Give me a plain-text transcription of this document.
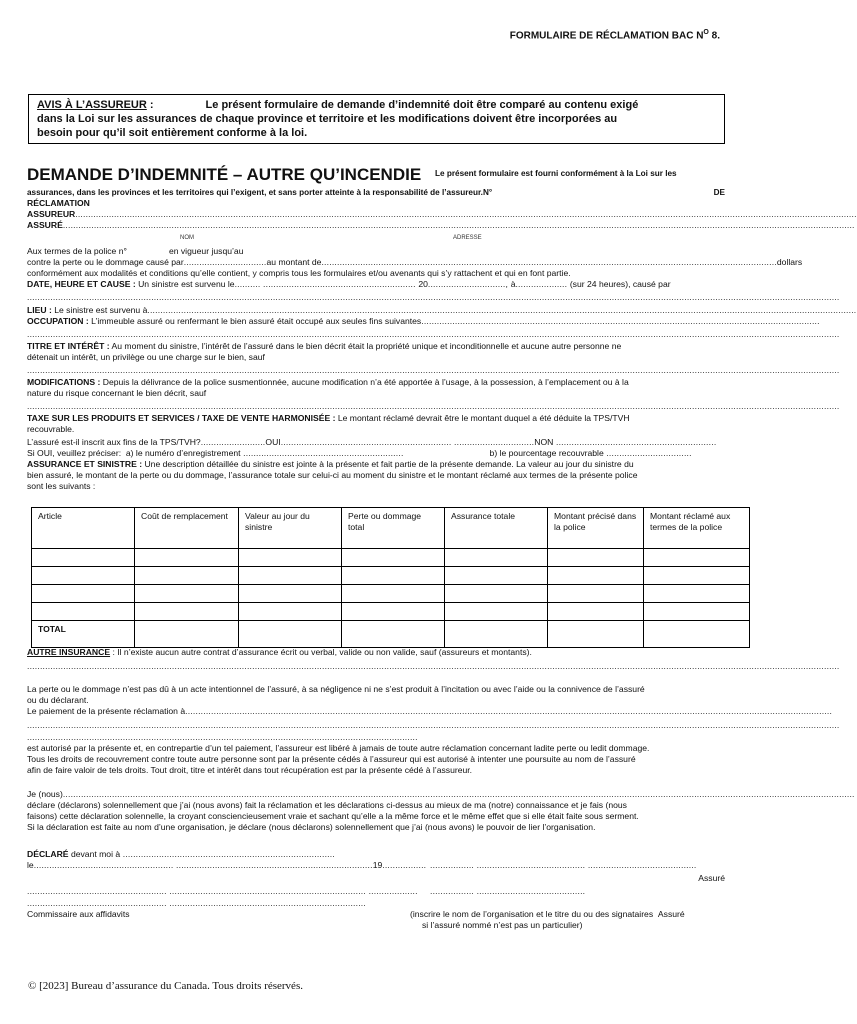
FORMULAIRE DE RÉCLAMATION BAC $N^O$ 8.
AVIS À L’ASSUREUR :	Le présent formulaire de demande d’indemnité doit être comparé au contenu exigé
dans la Loi sur les assurances de chaque province et territoire et les modifications doivent être incorporées au
besoin pour qu’il soit entièrement conforme à la loi.
DEMANDE D’INDEMNITÉ – AUTRE QU’INCENDIE Le présent formulaire est fourni conformément à la Loi sur les
assurances, dans les provinces et les territoires qui l’exigent, et sans porter atteinte à la responsabilité de l’assureur.N°	DE
RÉCLAMATION
ASSUREUR..............................................................................................................................................................................................................................................................................................................
ASSURÉ..................................................................................................................................................................................................................................................................................................................
NOM	ADRESSE
Aux termes de la police n°	en vigueur jusqu’au
contre la perte ou le dommage causé par................................au montant de................................................................................................................................................................................dollars
conformément aux modalités et conditions qu’elle contient, y compris tous les formulaires et/ou avenants qui s’y rattachent et qui en font partie.
DATE, HEURE ET CAUSE : Un sinistre est survenu le.......... ........................................................... 20.............................., à.................... (sur 24 heures), causé par
..........................................................................................................................................................................................................................................................................................................................
LIEU : Le sinistre est survenu à..................................................................................................................................................................................................................................................................................
OCCUPATION : L’immeuble assuré ou renfermant le bien assuré était occupé aux seules fins suivantes..........................................................................................................................................................
..........................................................................................................................................................................................................................................................................................................................
TITRE ET INTÉRÊT : Au moment du sinistre, l’intérêt de l’assuré dans le bien décrit était la propriété unique et inconditionnelle et aucune autre personne ne
détenait un intérêt, un privilège ou une charge sur le bien, sauf
..........................................................................................................................................................................................................................................................................................................................
MODIFICATIONS : Depuis la délivrance de la police susmentionnée, aucune modification n’a été apportée à l’usage, à la possession, à l’emplacement ou à la
nature du risque concernant le bien décrit, sauf
..........................................................................................................................................................................................................................................................................................................................
TAXE SUR LES PRODUITS ET SERVICES / TAXE DE VENTE HARMONISÉE : Le montant réclamé devrait être le montant duquel a été déduite la TPS/TVH
recouvrable.
L’assuré est-il inscrit aux fins de la TPS/TVH?.........................OUI.................................................................. ...............................NON ..............................................................
Si OUI, veuillez préciser: a) le numéro d’enregistrement ..............................................................	b) le pourcentage recouvrable .................................
ASSURANCE ET SINISTRE : Une description détaillée du sinistre est jointe à la présente et fait partie de la présente demande. La valeur au jour du sinistre du
bien assuré, le montant de la perte ou du dommage, l’assurance totale sur celui-ci au moment du sinistre et le montant réclamé aux termes de la présente police
sont les suivants :
Article	Coût de remplacement	Valeur au jour du sinistre	Perte ou dommage total	Assurance totale	Montant précisé dans la police	Montant réclamé aux termes de la police

TOTAL						
AUTRE INSURANCE : Il n’existe aucun autre contrat d’assurance écrit ou verbal, valide ou non valide, sauf (assureurs et montants).
..........................................................................................................................................................................................................................................................................................................................
La perte ou le dommage n’est pas dû à un acte intentionnel de l’assuré, à sa négligence ni ne s’est produit à l’incitation ou avec l’aide ou la connivence de l’assuré
ou du déclarant.
Le paiement de la présente réclamation à..........................................................................................................................................................................................................................................................
..........................................................................................................................................................................................................................................................................................................................
.......................................................................................................................................................
est autorisé par la présente et, en contrepartie d’un tel paiement, l’assureur est libéré à jamais de toute autre réclamation concernant ladite perte ou ledit dommage.
Tous les droits de recouvrement contre toute autre personne sont par la présente cédés à l’assureur qui est autorisé à intenter une poursuite au nom de l’assuré
afin de faire valoir de tels droits. Tout droit, titre et intérêt dans tout récupération est par la présente cédé à l’assureur.
Je (nous)..................................................................................................................................................................................................................................................................................................................
déclare (déclarons) solennellement que j’ai (nous avons) fait la réclamation et les déclarations ci-dessus au mieux de ma (notre) connaissance et je fais (nous
faisons) cette déclaration solennelle, la croyant consciencieusement vraie et sachant qu’elle a la même force et le même effet que si elle était faite sous serment.
Si la déclaration est faite au nom d’une organisation, je déclare (nous déclarons) solennellement que j’ai (nous avons) le pouvoir de lier l’organisation.
DÉCLARÉ devant moi à ..................................................................................
le...................................................... ............................................................................19................. ................. .......................................... ..........................................
Assuré
...................................................... ............................................................................ ................... ................. ..........................................
...................................................... ............................................................................
Commissaire aux affidavits	(inscrire le nom de l’organisation et le titre du ou des signataires Assuré
si l’assuré nommé n’est pas un particulier)
© [2023] Bureau d’assurance du Canada. Tous droits réservés.
